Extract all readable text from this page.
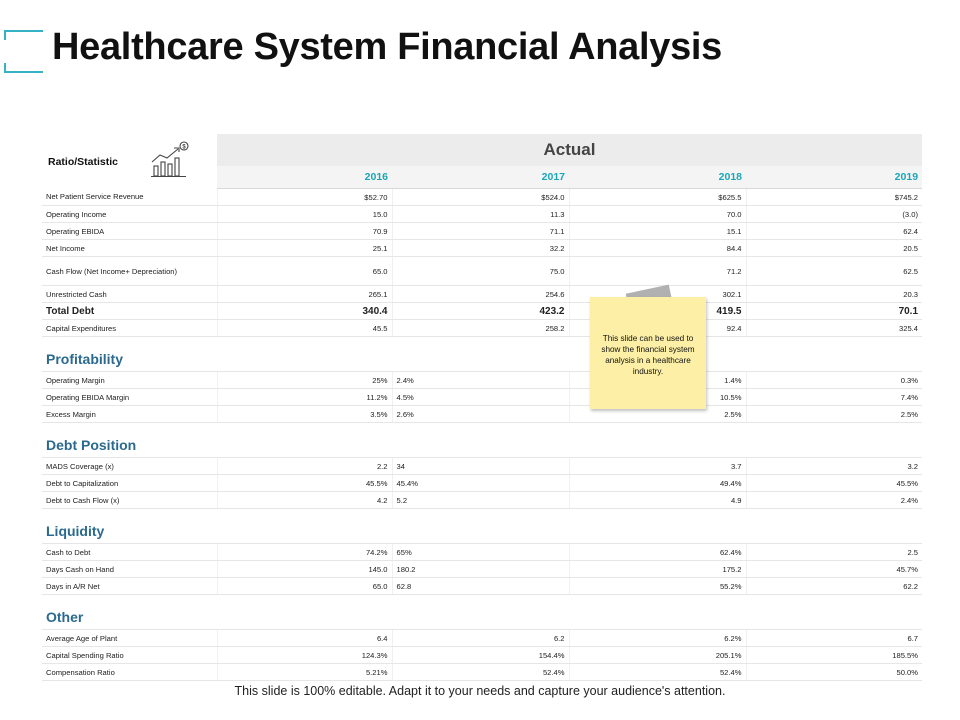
Healthcare System Financial Analysis
Ratio/Statistic
$	Actual			
	2016	2017	2018	2019
Net Patient Service Revenue	$52.70	$524.0	$625.5	$745.2
Operating Income	15.0	11.3	70.0	(3.0)
Operating EBIDA	70.9	71.1	15.1	62.4
Net Income	25.1	32.2	84.4	20.5
Cash Flow (Net Income+ Depreciation)	65.0	75.0	71.2	62.5
Unrestricted Cash	265.1	254.6	302.1	20.3
Total Debt	340.4	423.2	419.5	70.1
Capital Expenditures	45.5	258.2	92.4	325.4
Profitability				
Operating Margin	25%	2.4%	1.4%	0.3%
Operating EBIDA Margin	11.2%	4.5%	10.5%	7.4%
Excess Margin	3.5%	2.6%	2.5%	2.5%
Debt Position				
MADS Coverage (x)	2.2	34	3.7	3.2
Debt to Capitalization	45.5%	45.4%	49.4%	45.5%
Debt to Cash Flow (x)	4.2	5.2	4.9	2.4%
Liquidity				
Cash to Debt	74.2%	65%	62.4%	2.5
Days Cash on Hand	145.0	180.2	175.2	45.7%
Days in A/R Net	65.0	62.8	55.2%	62.2
Other				
Average Age of Plant	6.4	6.2	6.2%	6.7
Capital Spending Ratio	124.3%	154.4%	205.1%	185.5%
Compensation Ratio	5.21%	52.4%	52.4%	50.0%
This slide can be used to show the financial system analysis in a healthcare industry.
This slide is 100% editable. Adapt it to your needs and capture your audience's attention.
